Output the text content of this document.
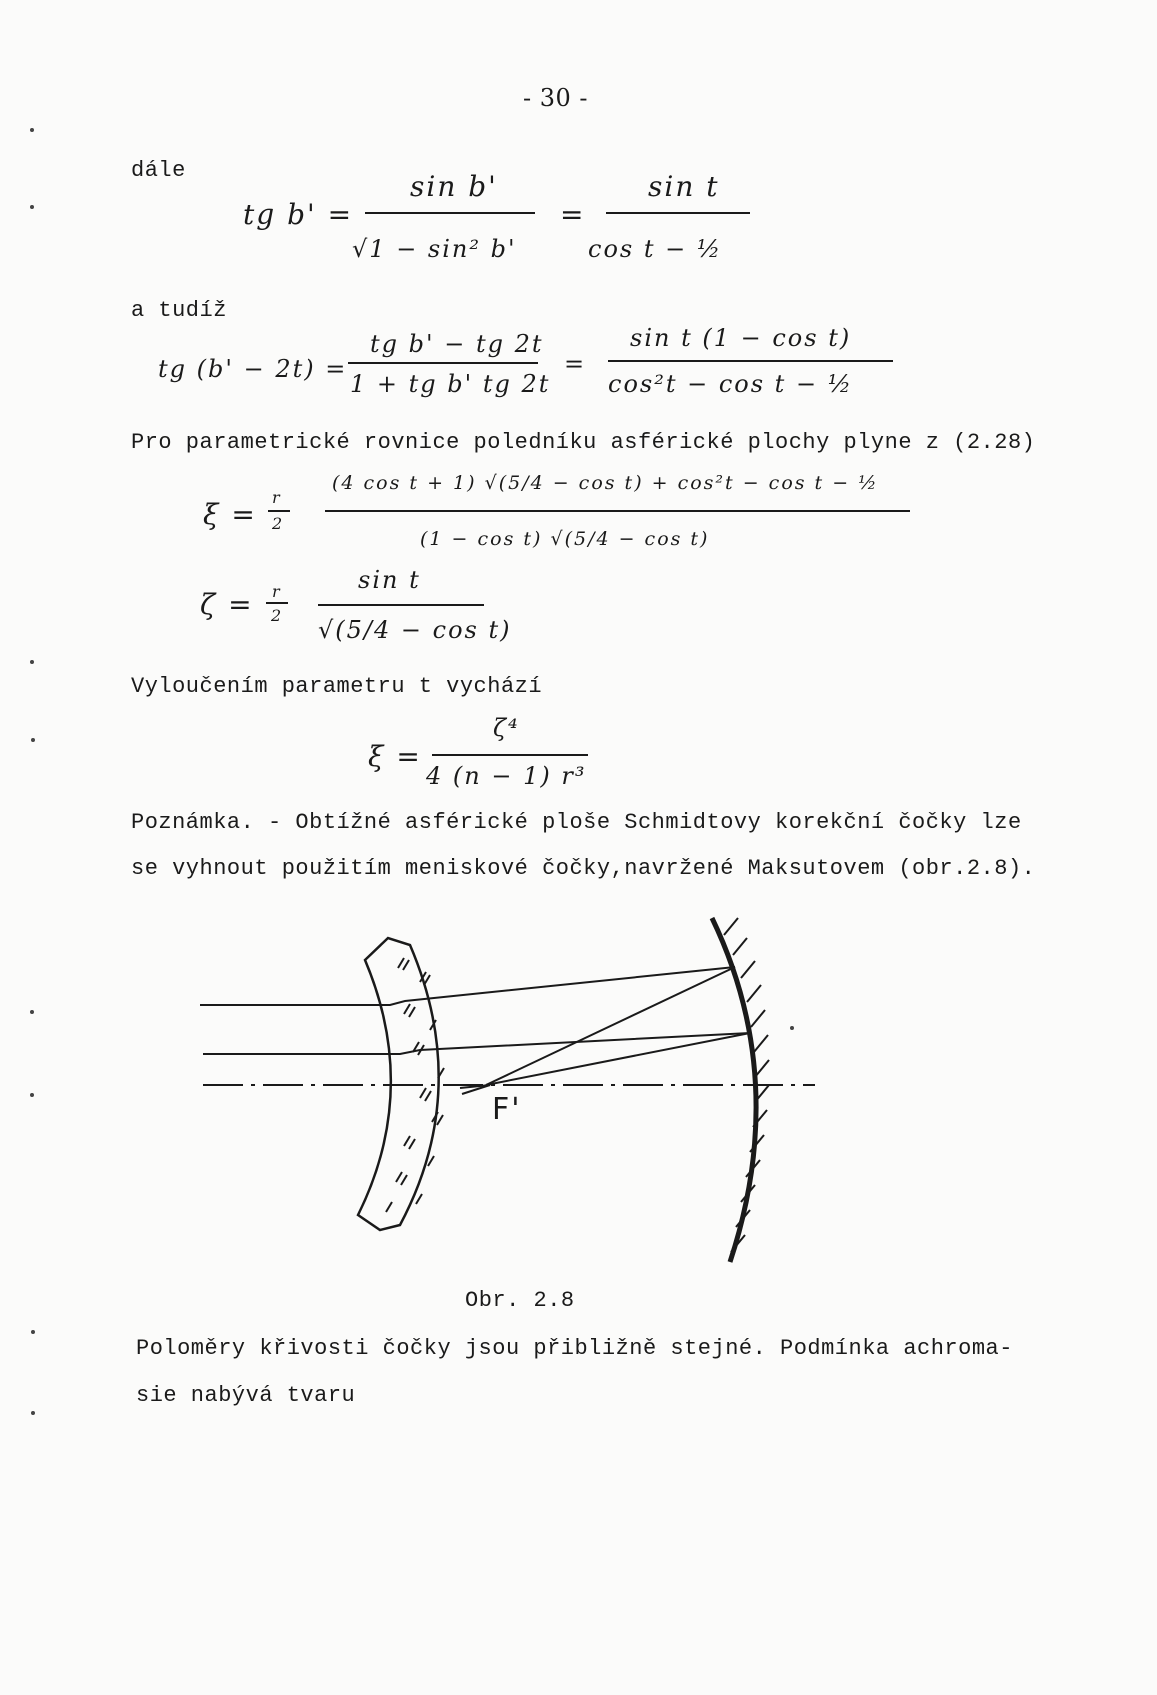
- 30 -
dále
tg b' =
sin b'
√1 − sin² b'
=
sin t
cos t − ½
a tudíž
tg (b' − 2t) =
tg b' − tg 2t
1 + tg b' tg 2t
=
sin t (1 − cos t)
cos²t − cos t − ½
Pro parametrické rovnice poledníku asférické plochy plyne z (2.28)
ξ =
r
2
(4 cos t + 1) √(5/4 − cos t) + cos²t − cos t − ½
(1 − cos t) √(5/4 − cos t)
ζ = r
2
sin t
√(5/4 − cos t)
Vyloučením parametru t vychází
ξ =
ζ⁴
4 (n − 1) r³
Poznámka. - Obtížné asférické ploše Schmidtovy korekční čočky lze
se vyhnout použitím meniskové čočky,navržené Maksutovem (obr.2.8).
F'
Obr. 2.8
Poloměry křivosti čočky jsou přibližně stejné. Podmínka achroma-
sie nabývá tvaru
